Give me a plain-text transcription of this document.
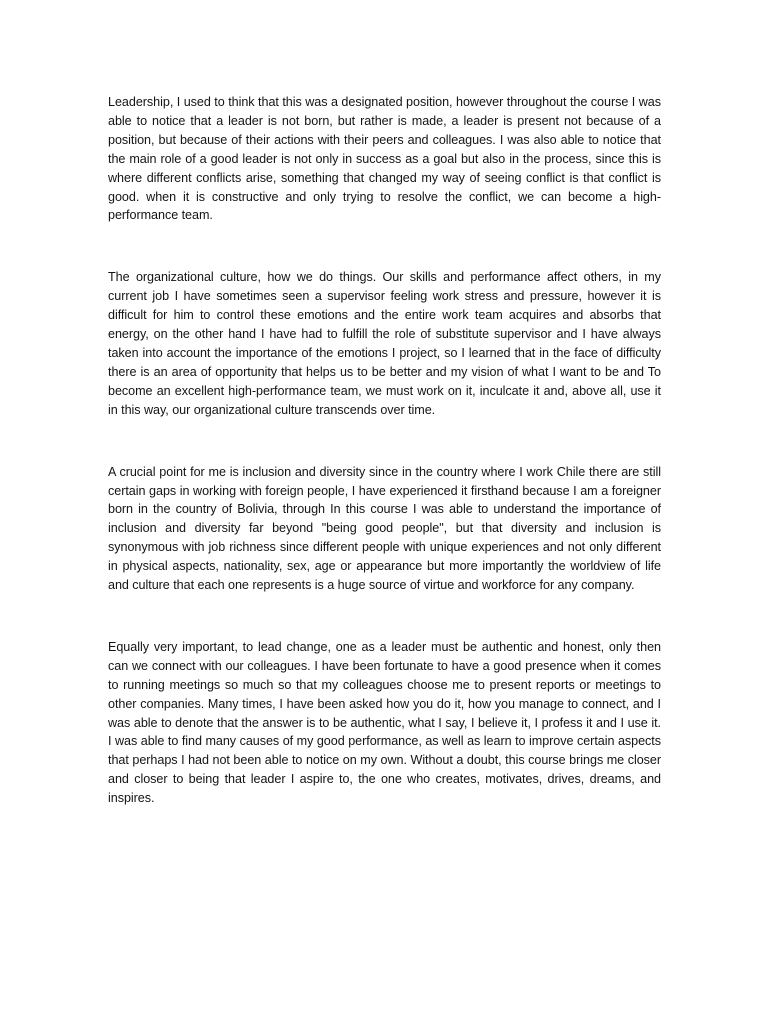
Leadership, I used to think that this was a designated position, however throughout the course I was able to notice that a leader is not born, but rather is made, a leader is present not because of a position, but because of their actions with their peers and colleagues. I was also able to notice that the main role of a good leader is not only in success as a goal but also in the process, since this is where different conflicts arise, something that changed my way of seeing conflict is that conflict is good. when it is constructive and only trying to resolve the conflict, we can become a high-performance team.

The organizational culture, how we do things. Our skills and performance affect others, in my current job I have sometimes seen a supervisor feeling work stress and pressure, however it is difficult for him to control these emotions and the entire work team acquires and absorbs that energy, on the other hand I have had to fulfill the role of substitute supervisor and I have always taken into account the importance of the emotions I project, so I learned that in the face of difficulty there is an area of opportunity that helps us to be better and my vision of what I want to be and To become an excellent high-performance team, we must work on it, inculcate it and, above all, use it in this way, our organizational culture transcends over time.

A crucial point for me is inclusion and diversity since in the country where I work Chile there are still certain gaps in working with foreign people, I have experienced it firsthand because I am a foreigner born in the country of Bolivia, through In this course I was able to understand the importance of inclusion and diversity far beyond "being good people", but that diversity and inclusion is synonymous with job richness since different people with unique experiences and not only different in physical aspects, nationality, sex, age or appearance but more importantly the worldview of life and culture that each one represents is a huge source of virtue and workforce for any company.

Equally very important, to lead change, one as a leader must be authentic and honest, only then can we connect with our colleagues. I have been fortunate to have a good presence when it comes to running meetings so much so that my colleagues choose me to present reports or meetings to other companies. Many times, I have been asked how you do it, how you manage to connect, and I was able to denote that the answer is to be authentic, what I say, I believe it, I profess it and I use it. I was able to find many causes of my good performance, as well as learn to improve certain aspects that perhaps I had not been able to notice on my own. Without a doubt, this course brings me closer and closer to being that leader I aspire to, the one who creates, motivates, drives, dreams, and inspires.
